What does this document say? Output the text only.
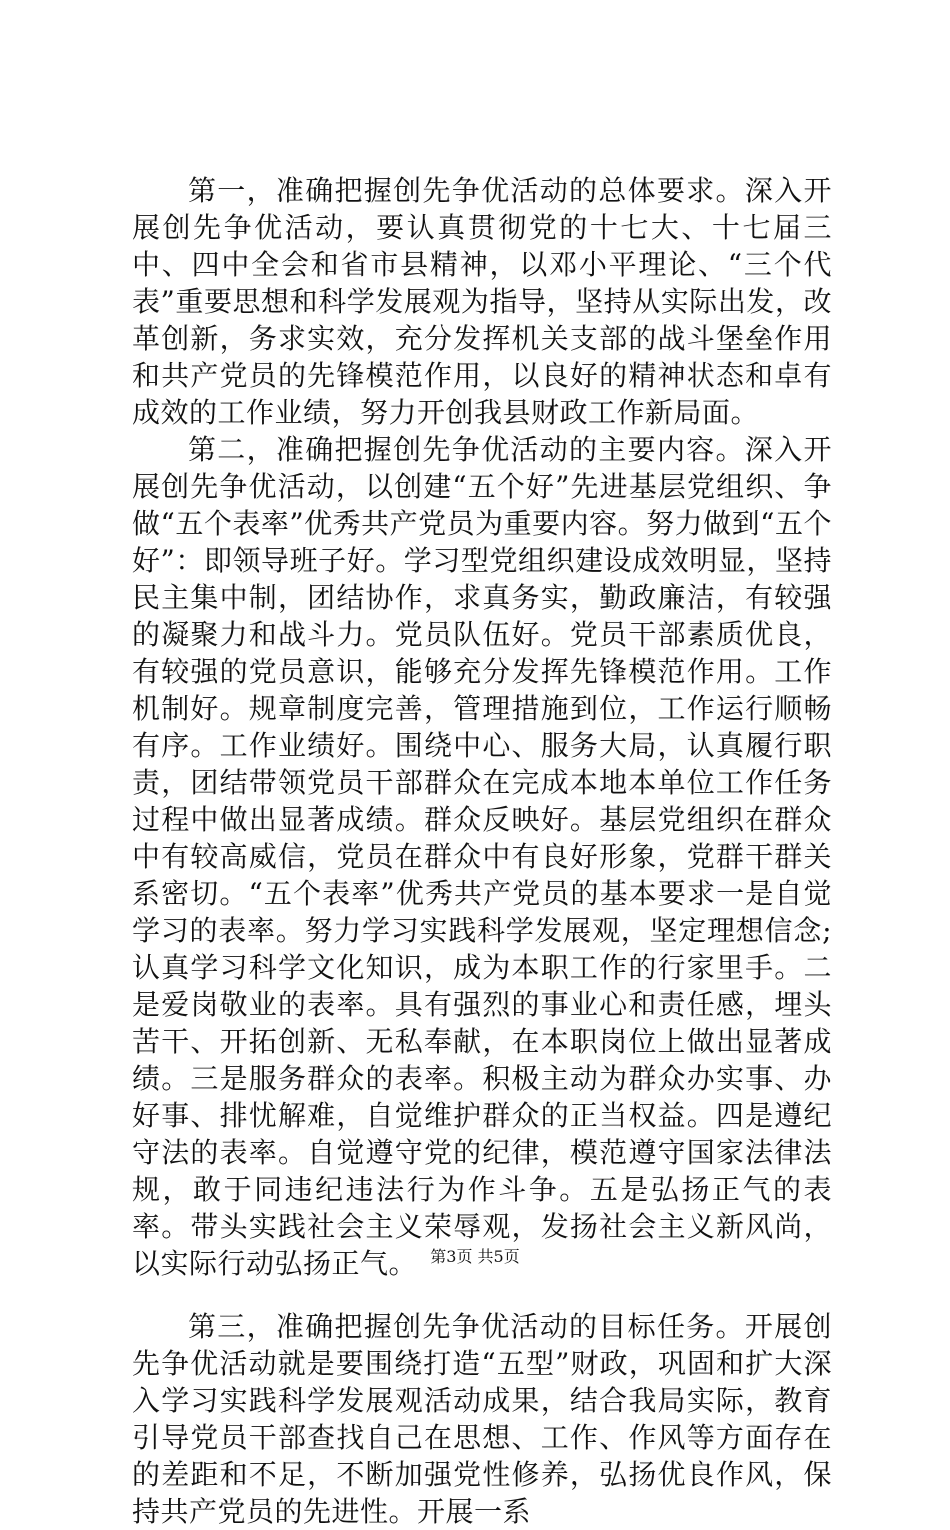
第一，准确把握创先争优活动的总体要求。深入开展创先争优活动，要认真贯彻党的十七大、十七届三中、四中全会和省市县精神，以邓小平理论、“三个代表”重要思想和科学发展观为指导，坚持从实际出发，改革创新，务求实效，充分发挥机关支部的战斗堡垒作用和共产党员的先锋模范作用，以良好的精神状态和卓有成效的工作业绩，努力开创我县财政工作新局面。

第二，准确把握创先争优活动的主要内容。深入开展创先争优活动，以创建“五个好”先进基层党组织、争做“五个表率”优秀共产党员为重要内容。努力做到“五个好”：即领导班子好。学习型党组织建设成效明显，坚持民主集中制，团结协作，求真务实，勤政廉洁，有较强的凝聚力和战斗力。党员队伍好。党员干部素质优良，有较强的党员意识，能够充分发挥先锋模范作用。工作机制好。规章制度完善，管理措施到位，工作运行顺畅有序。工作业绩好。围绕中心、服务大局，认真履行职责，团结带领党员干部群众在完成本地本单位工作任务过程中做出显著成绩。群众反映好。基层党组织在群众中有较高威信，党员在群众中有良好形象，党群干群关系密切。“五个表率”优秀共产党员的基本要求一是自觉学习的表率。努力学习实践科学发展观，坚定理想信念;认真学习科学文化知识，成为本职工作的行家里手。二是爱岗敬业的表率。具有强烈的事业心和责任感，埋头苦干、开拓创新、无私奉献，在本职岗位上做出显著成绩。三是服务群众的表率。积极主动为群众办实事、办好事、排忧解难，自觉维护群众的正当权益。四是遵纪守法的表率。自觉遵守党的纪律，模范遵守国家法律法规，敢于同违纪违法行为作斗争。五是弘扬正气的表率。带头实践社会主义荣辱观，发扬社会主义新风尚，以实际行动弘扬正气。

第三，准确把握创先争优活动的目标任务。开展创先争优活动就是要围绕打造“五型”财政，巩固和扩大深入学习实践科学发展观活动成果，结合我局实际，教育引导党员干部查找自己在思想、工作、作风等方面存在的差距和不足，不断加强党性修养，弘扬优良作风，保持共产党员的先进性。开展一系

第3页 共5页
